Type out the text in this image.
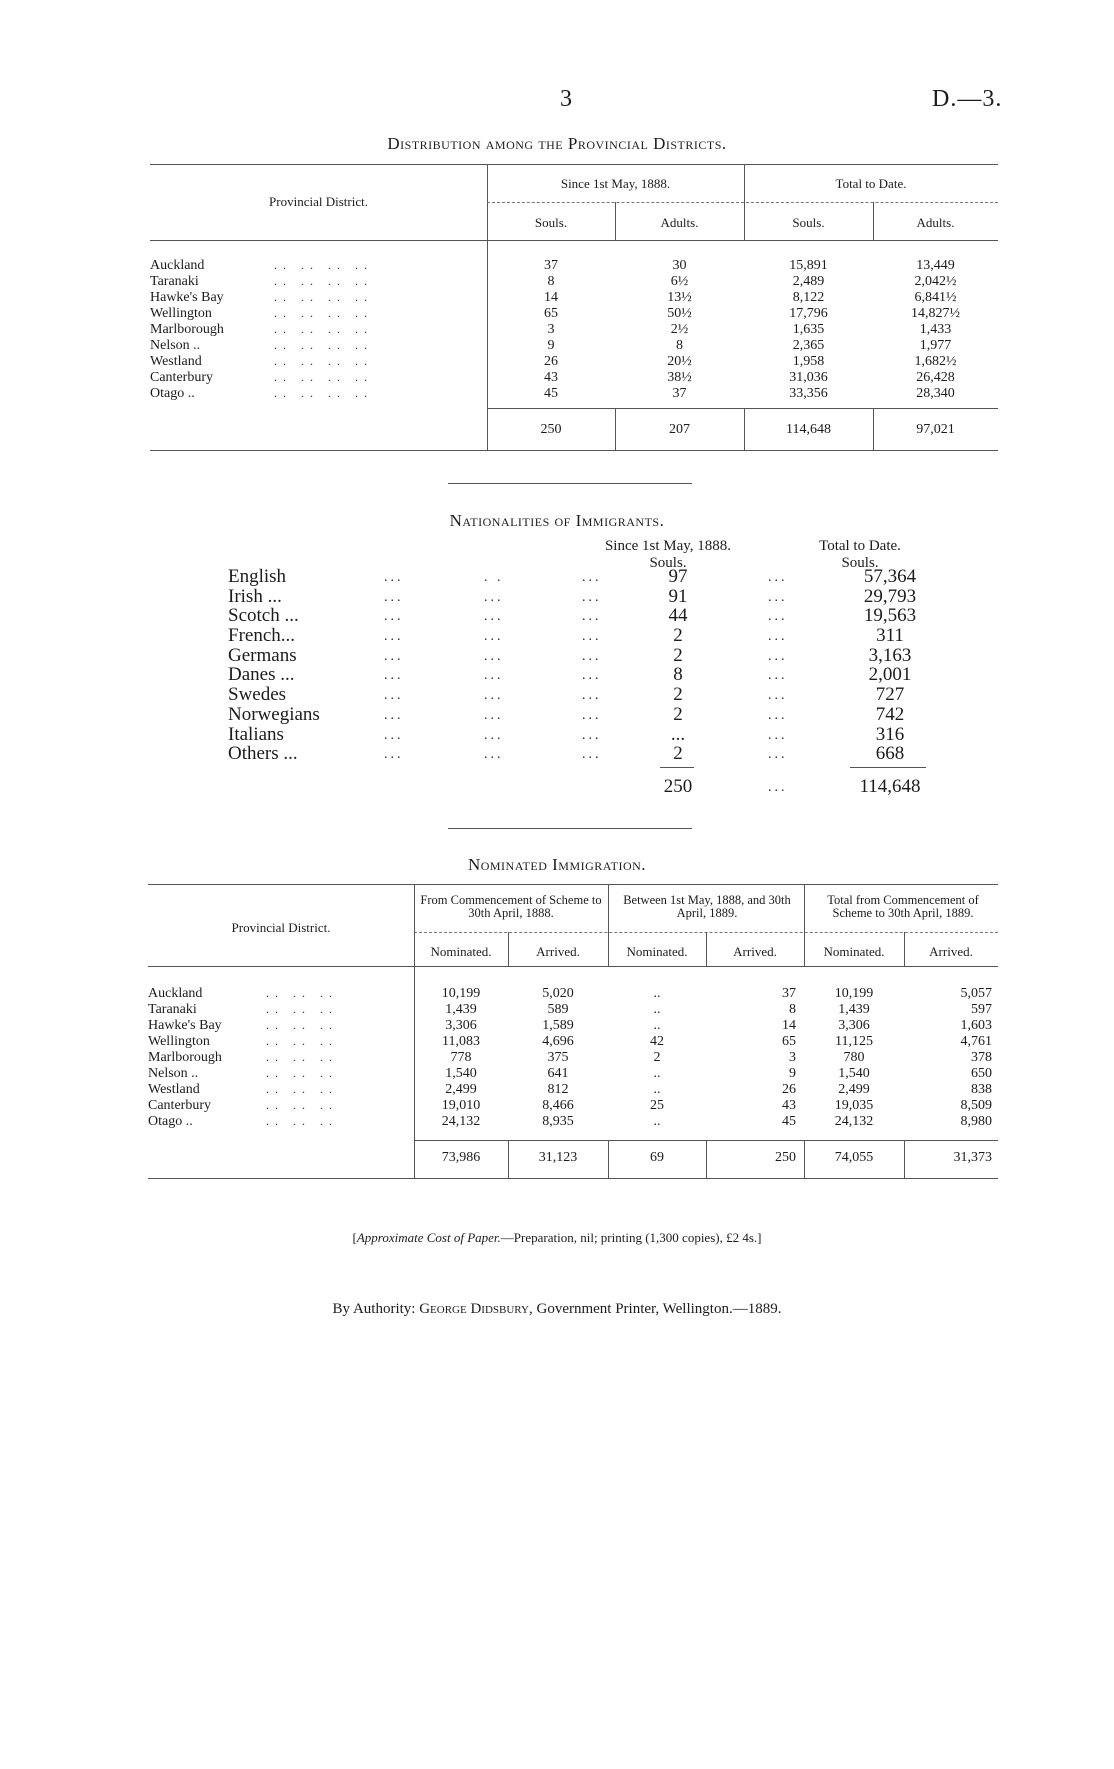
3	D.—3.
Distribution among the Provincial Districts.
Provincial District.
Since 1st May, 1888.	Total to Date.
Souls.	Adults.	Souls.	Adults.
Auckland	.. .. .. ..	37	30	15,891	13,449
Taranaki	.. .. .. ..	8	6½	2,489	2,042½
Hawke's Bay	.. .. .. ..	14	13½	8,122	6,841½
Wellington	.. .. .. ..	65	50½	17,796	14,827½
Marlborough	.. .. .. ..	3	2½	1,635	1,433
Nelson ..	.. .. .. ..	9	8	2,365	1,977
Westland	.. .. .. ..	26	20½	1,958	1,682½
Canterbury	.. .. .. ..	43	38½	31,036	26,428
Otago ..	.. .. .. ..	45	37	33,356	28,340
250	207	114,648	97,021
Nationalities of Immigrants.
Since 1st May, 1888.
Souls.
Total to Date.
Souls.
English	...	. .	...	97	...	57,364
Irish ...	...	...	...	91	...	29,793
Scotch ...	...	...	...	44	...	19,563
French...	...	...	...	2	...	311
Germans	...	...	...	2	...	3,163
Danes ...	...	...	...	8	...	2,001
Swedes	...	...	...	2	...	727
Norwegians	...	...	...	2	...	742
Italians	...	...	...	...	...	316
Others ...	...	...	...	2	...	668
250	...	114,648
Nominated Immigration.
Provincial District.
From Commencement of Scheme to 30th April, 1888.
Between 1st May, 1888, and 30th April, 1889.
Total from Commencement of Scheme to 30th April, 1889.
Nominated.	Arrived.	Nominated.	Arrived.	Nominated.	Arrived.
Auckland	.. .. ..	10,199	5,020	..	37	10,199	5,057
Taranaki	.. .. ..	1,439	589	..	8	1,439	597
Hawke's Bay	.. .. ..	3,306	1,589	..	14	3,306	1,603
Wellington	.. .. ..	11,083	4,696	42	65	11,125	4,761
Marlborough	.. .. ..	778	375	2	3	780	378
Nelson ..	.. .. ..	1,540	641	..	9	1,540	650
Westland	.. .. ..	2,499	812	..	26	2,499	838
Canterbury	.. .. ..	19,010	8,466	25	43	19,035	8,509
Otago ..	.. .. ..	24,132	8,935	..	45	24,132	8,980
73,986	31,123	69	250	74,055	31,373
[Approximate Cost of Paper.—Preparation, nil; printing (1,300 copies), £2 4s.]
By Authority: George Didsbury, Government Printer, Wellington.—1889.
